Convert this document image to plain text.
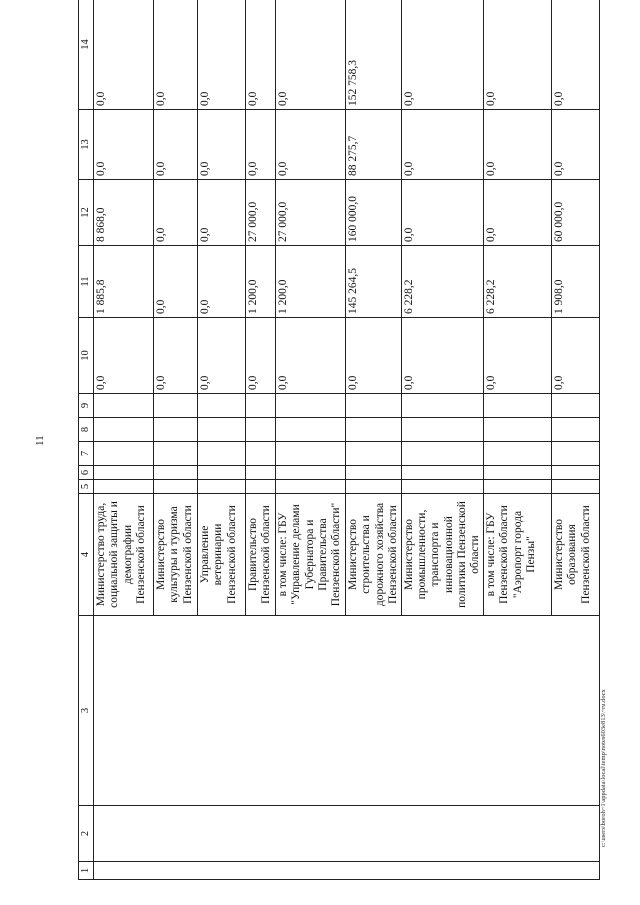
11
1	2	3	4	5	6	7	8	9	10	11	12	13	14
			Министерство труда, социальной защиты и демографии Пензенской области						0,0	1 885,8	8 868,0	0,0	0,0
			Министерство культуры и туризма Пензенской области						0,0	0,0	0,0	0,0	0,0
			Управление ветеринарии Пензенской области						0,0	0,0	0,0	0,0	0,0
			Правительство Пензенской области						0,0	1 200,0	27 000,0	0,0	0,0
			в том числе: ГБУ "Управление делами Губернатора и Правительства Пензенской области"						0,0	1 200,0	27 000,0	0,0	0,0
			Министерство строительства и дорожного хозяйства Пензенской области						0,0	145 264,5	160 000,0	88 275,7	152 758,3
			Министерство промышленности, транспорта и инновационной политики Пензенской области						0,0	6 228,2	0,0	0,0	0,0
			в том числе: ГБУ Пензенской области "Аэропорт города Пензы"						0,0	6 228,2	0,0	0,0	0,0
			Министерство образования Пензенской области						0,0	1 908,0	60 000,0	0,0	0,0
c:\users\boroh~1\appdata\local\temp\notes603e813\~ru.docx
